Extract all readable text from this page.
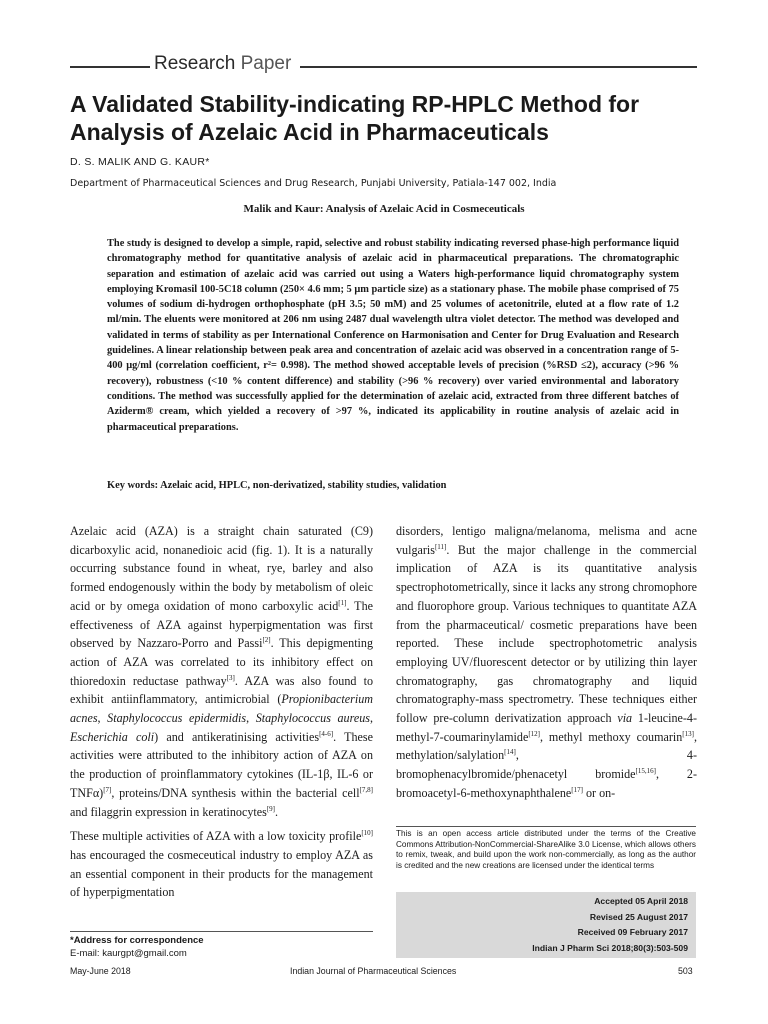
Research Paper
A Validated Stability-indicating RP-HPLC Method for Analysis of Azelaic Acid in Pharmaceuticals
D. S. MALIK AND G. KAUR*
Department of Pharmaceutical Sciences and Drug Research, Punjabi University, Patiala-147 002, India
Malik and Kaur: Analysis of Azelaic Acid in Cosmeceuticals
The study is designed to develop a simple, rapid, selective and robust stability indicating reversed phase-high performance liquid chromatography method for quantitative analysis of azelaic acid in pharmaceutical preparations. The chromatographic separation and estimation of azelaic acid was carried out using a Waters high-performance liquid chromatography system employing Kromasil 100-5C18 column (250× 4.6 mm; 5 μm particle size) as a stationary phase. The mobile phase comprised of 75 volumes of sodium di-hydrogen orthophosphate (pH 3.5; 50 mM) and 25 volumes of acetonitrile, eluted at a flow rate of 1.2 ml/min. The eluents were monitored at 206 nm using 2487 dual wavelength ultra violet detector. The method was developed and validated in terms of stability as per International Conference on Harmonisation and Center for Drug Evaluation and Research guidelines. A linear relationship between peak area and concentration of azelaic acid was observed in a concentration range of 5-400 μg/ml (correlation coefficient, r²= 0.998). The method showed acceptable levels of precision (%RSD ≤2), accuracy (>96 % recovery), robustness (<10 % content difference) and stability (>96 % recovery) over varied environmental and laboratory conditions. The method was successfully applied for the determination of azelaic acid, extracted from three different batches of Aziderm® cream, which yielded a recovery of >97 %, indicated its applicability in routine analysis of azelaic acid in pharmaceutical preparations.
Key words: Azelaic acid, HPLC, non-derivatized, stability studies, validation

Azelaic acid (AZA) is a straight chain saturated (C9) dicarboxylic acid, nonanedioic acid (fig. 1). It is a naturally occurring substance found in wheat, rye, barley and also formed endogenously within the body by metabolism of oleic acid or by omega oxidation of mono carboxylic acid[1]. The effectiveness of AZA against hyperpigmentation was first observed by Nazzaro-Porro and Passi[2]. This depigmenting action of AZA was correlated to its inhibitory effect on thioredoxin reductase pathway[3]. AZA was also found to exhibit antiinflammatory, antimicrobial (Propionibacterium acnes, Staphylococcus epidermidis, Staphylococcus aureus, Escherichia coli) and antikeratinising activities[4-6]. These activities were attributed to the inhibitory action of AZA on the production of proinflammatory cytokines (IL-1β, IL-6 or TNFα)[7], proteins/DNA synthesis within the bacterial cell[7,8] and filaggrin expression in keratinocytes[9].

These multiple activities of AZA with a low toxicity profile[10] has encouraged the cosmeceutical industry to employ AZA as an essential component in their products for the management of hyperpigmentation

disorders, lentigo maligna/melanoma, melisma and acne vulgaris[11]. But the major challenge in the commercial implication of AZA is its quantitative analysis spectrophotometrically, since it lacks any strong chromophore and fluorophore group. Various techniques to quantitate AZA from the pharmaceutical/ cosmetic preparations have been reported. These include spectrophotometric analysis employing UV/fluorescent detector or by utilizing thin layer chromatography, gas chromatography and liquid chromatography-mass spectrometry. These techniques either follow pre-column derivatization approach via 1-leucine-4-methyl-7-coumarinylamide[12], methyl methoxy coumarin[13], methylation/salylation[14], 4-bromophenacylbromide/phenacetyl bromide[15,16], 2-bromoacetyl-6-methoxynaphthalene[17] or on-

This is an open access article distributed under the terms of the Creative Commons Attribution-NonCommercial-ShareAlike 3.0 License, which allows others to remix, tweak, and build upon the work non-commercially, as long as the author is credited and the new creations are licensed under the identical terms
Accepted 05 April 2018
Revised 25 August 2017
Received 09 February 2017
Indian J Pharm Sci 2018;80(3):503-509
*Address for correspondence
E-mail: kaurgpt@gmail.com
May-June 2018	Indian Journal of Pharmaceutical Sciences	503
